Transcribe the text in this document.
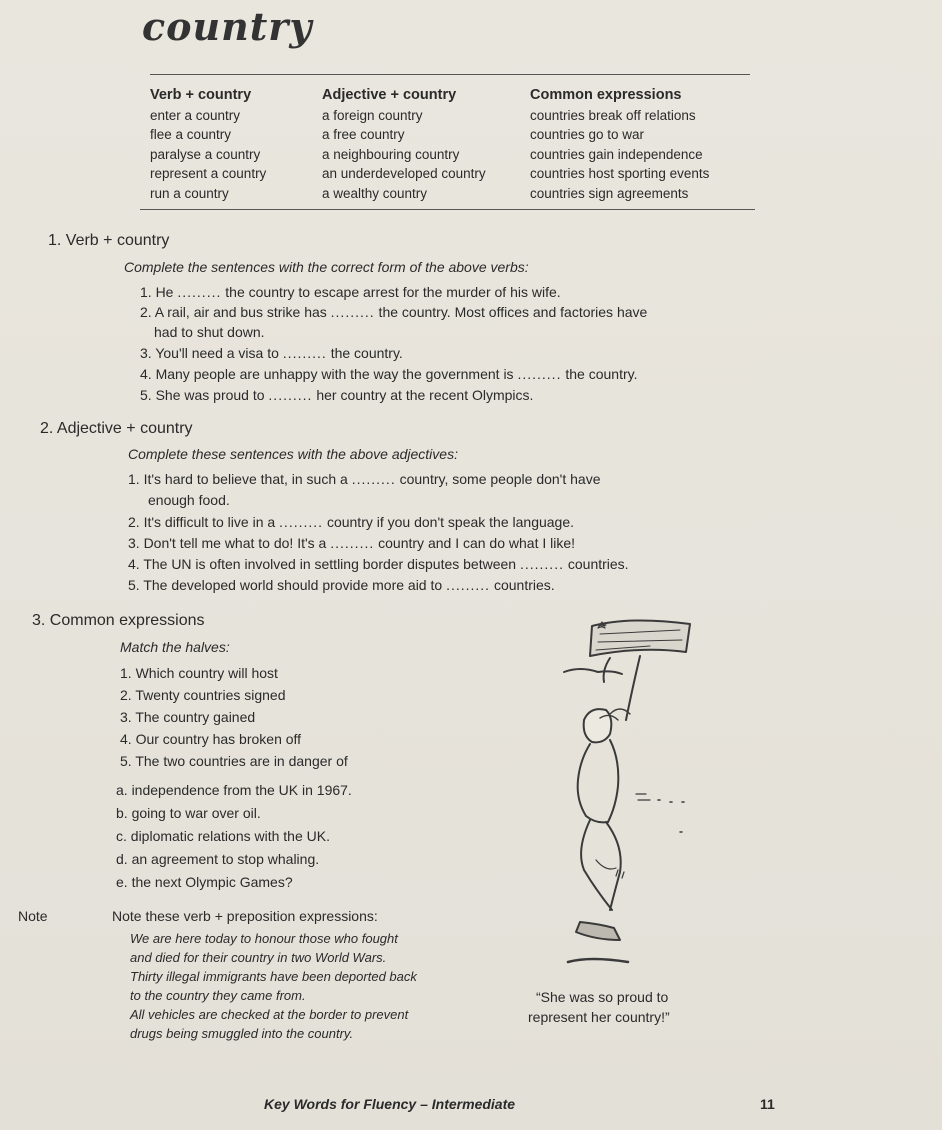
country
Verb + country
enter a country
flee a country
paralyse a country
represent a country
run a country
Adjective + country
a foreign country
a free country
a neighbouring country
an underdeveloped country
a wealthy country
Common expressions
countries break off relations
countries go to war
countries gain independence
countries host sporting events
countries sign agreements
1. Verb + country
Complete the sentences with the correct form of the above verbs:
1. He ......... the country to escape arrest for the murder of his wife.
2. A rail, air and bus strike has ......... the country. Most offices and factories have
had to shut down.
3. You'll need a visa to ......... the country.
4. Many people are unhappy with the way the government is ......... the country.
5. She was proud to ......... her country at the recent Olympics.
2. Adjective + country
Complete these sentences with the above adjectives:
1. It's hard to believe that, in such a ......... country, some people don't have
enough food.
2. It's difficult to live in a ......... country if you don't speak the language.
3. Don't tell me what to do! It's a ......... country and I can do what I like!
4. The UN is often involved in settling border disputes between ......... countries.
5. The developed world should provide more aid to ......... countries.
3. Common expressions
Match the halves:
1. Which country will host
2. Twenty countries signed
3. The country gained
4. Our country has broken off
5. The two countries are in danger of
a. independence from the UK in 1967.
b. going to war over oil.
c. diplomatic relations with the UK.
d. an agreement to stop whaling.
e. the next Olympic Games?
Note	Note these verb + preposition expressions:
We are here today to honour those who fought
and died for their country in two World Wars.
Thirty illegal immigrants have been deported back
to the country they came from.
All vehicles are checked at the border to prevent
drugs being smuggled into the country.
“She was so proud to
represent her country!”
Key Words for Fluency – Intermediate	11
